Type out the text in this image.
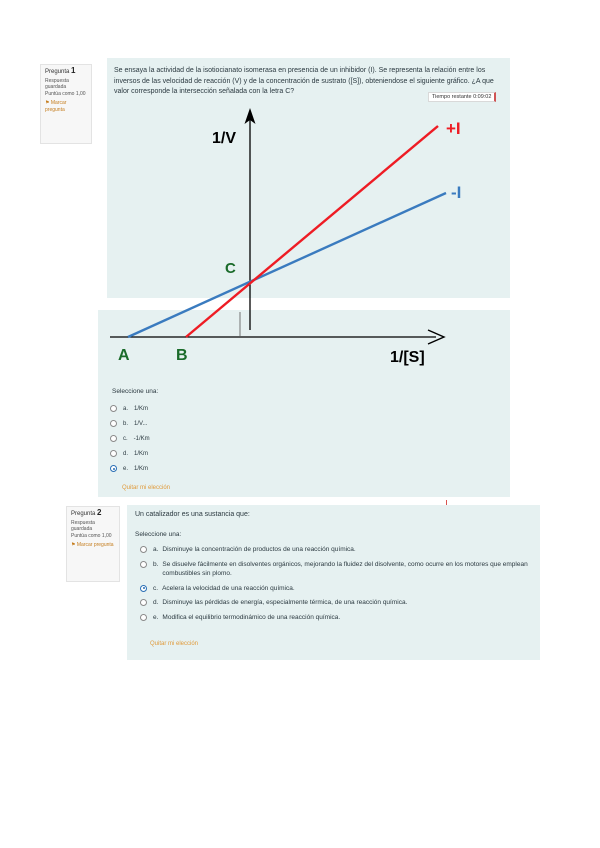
Pregunta 1
Respuesta guardada
Puntúa como 1,00
⚑ Marcar pregunta
Se ensaya la actividad de la isotiocianato isomerasa en presencia de un inhibidor (I). Se representa la relación entre los inversos de las velocidad de reacción (V) y de la concentración de sustrato ([S]), obteniendose el siguiente gráfico. ¿A que valor corresponde la intersección señalada con la letra C?
Tiempo restante 0:09:02
1/V
1/[S]
+I
-I
C
A	B
Seleccione una:
a. 1/Km
b. 1/V...
c. -1/Km
d. 1/Km
e. 1/Km
Quitar mi elección
Pregunta 2
Respuesta guardada
Puntúa como 1,00
⚑ Marcar pregunta
Un catalizador es una sustancia que:
Seleccione una:
a. Disminuye la concentración de productos de una reacción química.
b. Se disuelve fácilmente en disolventes orgánicos, mejorando la fluidez del disolvente, como ocurre en los motores que emplean combustibles sin plomo.
c. Acelera la velocidad de una reacción química.
d. Disminuye las pérdidas de energía, especialmente térmica, de una reacción química.
e. Modifica el equilibrio termodinámico de una reacción química.
Quitar mi elección
